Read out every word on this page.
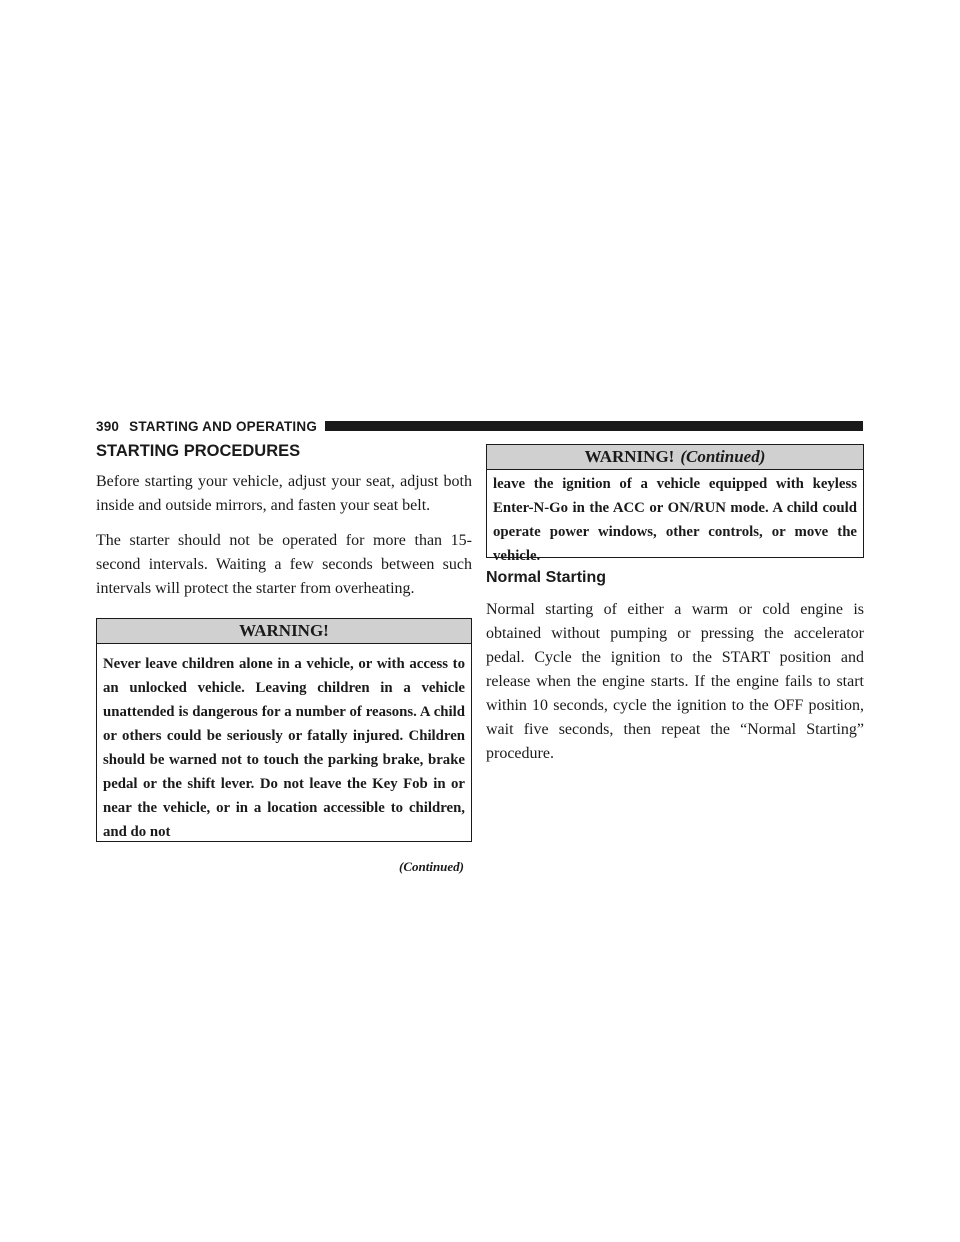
390 STARTING AND OPERATING
STARTING PROCEDURES

Before starting your vehicle, adjust your seat, adjust both inside and outside mirrors, and fasten your seat belt.

The starter should not be operated for more than 15-second intervals. Waiting a few seconds between such intervals will protect the starter from overheating.

WARNING!
Never leave children alone in a vehicle, or with access to an unlocked vehicle. Leaving children in a vehicle unattended is dangerous for a number of reasons. A child or others could be seriously or fatally injured. Children should be warned not to touch the parking brake, brake pedal or the shift lever. Do not leave the Key Fob in or near the vehicle, or in a location accessible to children, and do not
(Continued)
WARNING! (Continued)
leave the ignition of a vehicle equipped with keyless Enter-N-Go in the ACC or ON/RUN mode. A child could operate power windows, other controls, or move the vehicle.
Normal Starting

Normal starting of either a warm or cold engine is obtained without pumping or pressing the accelerator pedal. Cycle the ignition to the START position and release when the engine starts. If the engine fails to start within 10 seconds, cycle the ignition to the OFF position, wait five seconds, then repeat the “Normal Starting” procedure.
